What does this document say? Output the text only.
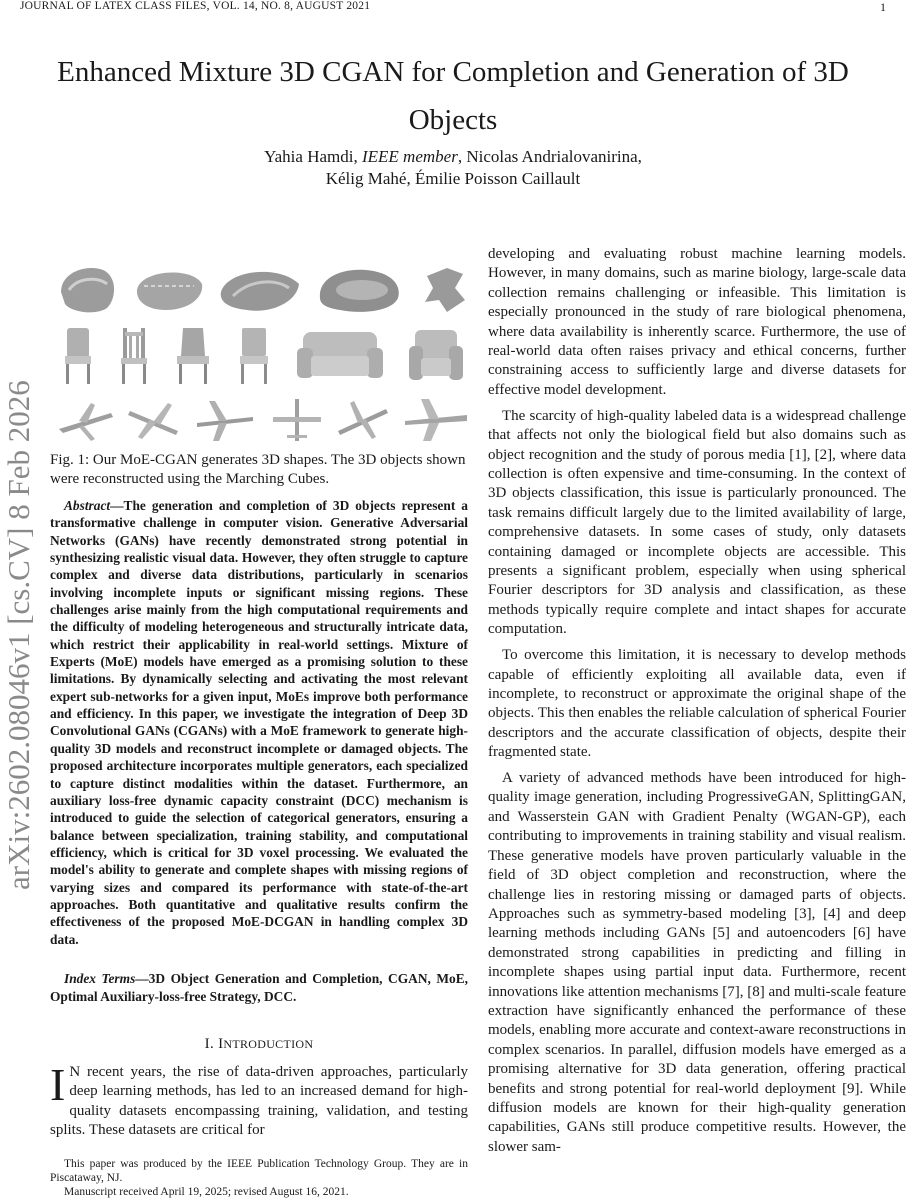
JOURNAL OF LATEX CLASS FILES, VOL. 14, NO. 8, AUGUST 2021	1
Enhanced Mixture 3D CGAN for Completion and Generation of 3D Objects
Yahia Hamdi, IEEE member, Nicolas Andrialovanirina,
Kélig Mahé, Émilie Poisson Caillault
arXiv:2602.08046v1 [cs.CV] 8 Feb 2026 Fig. 1: Our MoE-CGAN generates 3D shapes. The 3D objects shown were reconstructed using the Marching Cubes.
Abstract—The generation and completion of 3D objects represent a transformative challenge in computer vision. Generative Adversarial Networks (GANs) have recently demonstrated strong potential in synthesizing realistic visual data. However, they often struggle to capture complex and diverse data distributions, particularly in scenarios involving incomplete inputs or significant missing regions. These challenges arise mainly from the high computational requirements and the difficulty of modeling heterogeneous and structurally intricate data, which restrict their applicability in real-world settings. Mixture of Experts (MoE) models have emerged as a promising solution to these limitations. By dynamically selecting and activating the most relevant expert sub-networks for a given input, MoEs improve both performance and efficiency. In this paper, we investigate the integration of Deep 3D Convolutional GANs (CGANs) with a MoE framework to generate high-quality 3D models and reconstruct incomplete or damaged objects. The proposed architecture incorporates multiple generators, each specialized to capture distinct modalities within the dataset. Furthermore, an auxiliary loss-free dynamic capacity constraint (DCC) mechanism is introduced to guide the selection of categorical generators, ensuring a balance between specialization, training stability, and computational efficiency, which is critical for 3D voxel processing. We evaluated the model's ability to generate and complete shapes with missing regions of varying sizes and compared its performance with state-of-the-art approaches. Both quantitative and qualitative results confirm the effectiveness of the proposed MoE-DCGAN in handling complex 3D data.
Index Terms—3D Object Generation and Completion, CGAN, MoE, Optimal Auxiliary-loss-free Strategy, DCC.
I. INTRODUCTION
I N recent years, the rise of data-driven approaches, particularly deep learning methods, has led to an increased demand for high-quality datasets encompassing training, validation, and testing splits. These datasets are critical for
This paper was produced by the IEEE Publication Technology Group. They are in Piscataway, NJ.
Manuscript received April 19, 2025; revised August 16, 2021.

developing and evaluating robust machine learning models. However, in many domains, such as marine biology, large-scale data collection remains challenging or infeasible. This limitation is especially pronounced in the study of rare biological phenomena, where data availability is inherently scarce. Furthermore, the use of real-world data often raises privacy and ethical concerns, further constraining access to sufficiently large and diverse datasets for effective model development.

The scarcity of high-quality labeled data is a widespread challenge that affects not only the biological field but also domains such as object recognition and the study of porous media [1], [2], where data collection is often expensive and time-consuming. In the context of 3D objects classification, this issue is particularly pronounced. The task remains difficult largely due to the limited availability of large, comprehensive datasets. In some cases of study, only datasets containing damaged or incomplete objects are accessible. This presents a significant problem, especially when using spherical Fourier descriptors for 3D analysis and classification, as these methods typically require complete and intact shapes for accurate computation.

To overcome this limitation, it is necessary to develop methods capable of efficiently exploiting all available data, even if incomplete, to reconstruct or approximate the original shape of the objects. This then enables the reliable calculation of spherical Fourier descriptors and the accurate classification of objects, despite their fragmented state.

A variety of advanced methods have been introduced for high-quality image generation, including ProgressiveGAN, SplittingGAN, and Wasserstein GAN with Gradient Penalty (WGAN-GP), each contributing to improvements in training stability and visual realism. These generative models have proven particularly valuable in the field of 3D object completion and reconstruction, where the challenge lies in restoring missing or damaged parts of objects. Approaches such as symmetry-based modeling [3], [4] and deep learning methods including GANs [5] and autoencoders [6] have demonstrated strong capabilities in predicting and filling in incomplete shapes using partial input data. Furthermore, recent innovations like attention mechanisms [7], [8] and multi-scale feature extraction have significantly enhanced the performance of these models, enabling more accurate and context-aware reconstructions in complex scenarios. In parallel, diffusion models have emerged as a promising alternative for 3D data generation, offering practical benefits and strong potential for real-world deployment [9]. While diffusion models are known for their high-quality generation capabilities, GANs still produce competitive results. However, the slower sam-
